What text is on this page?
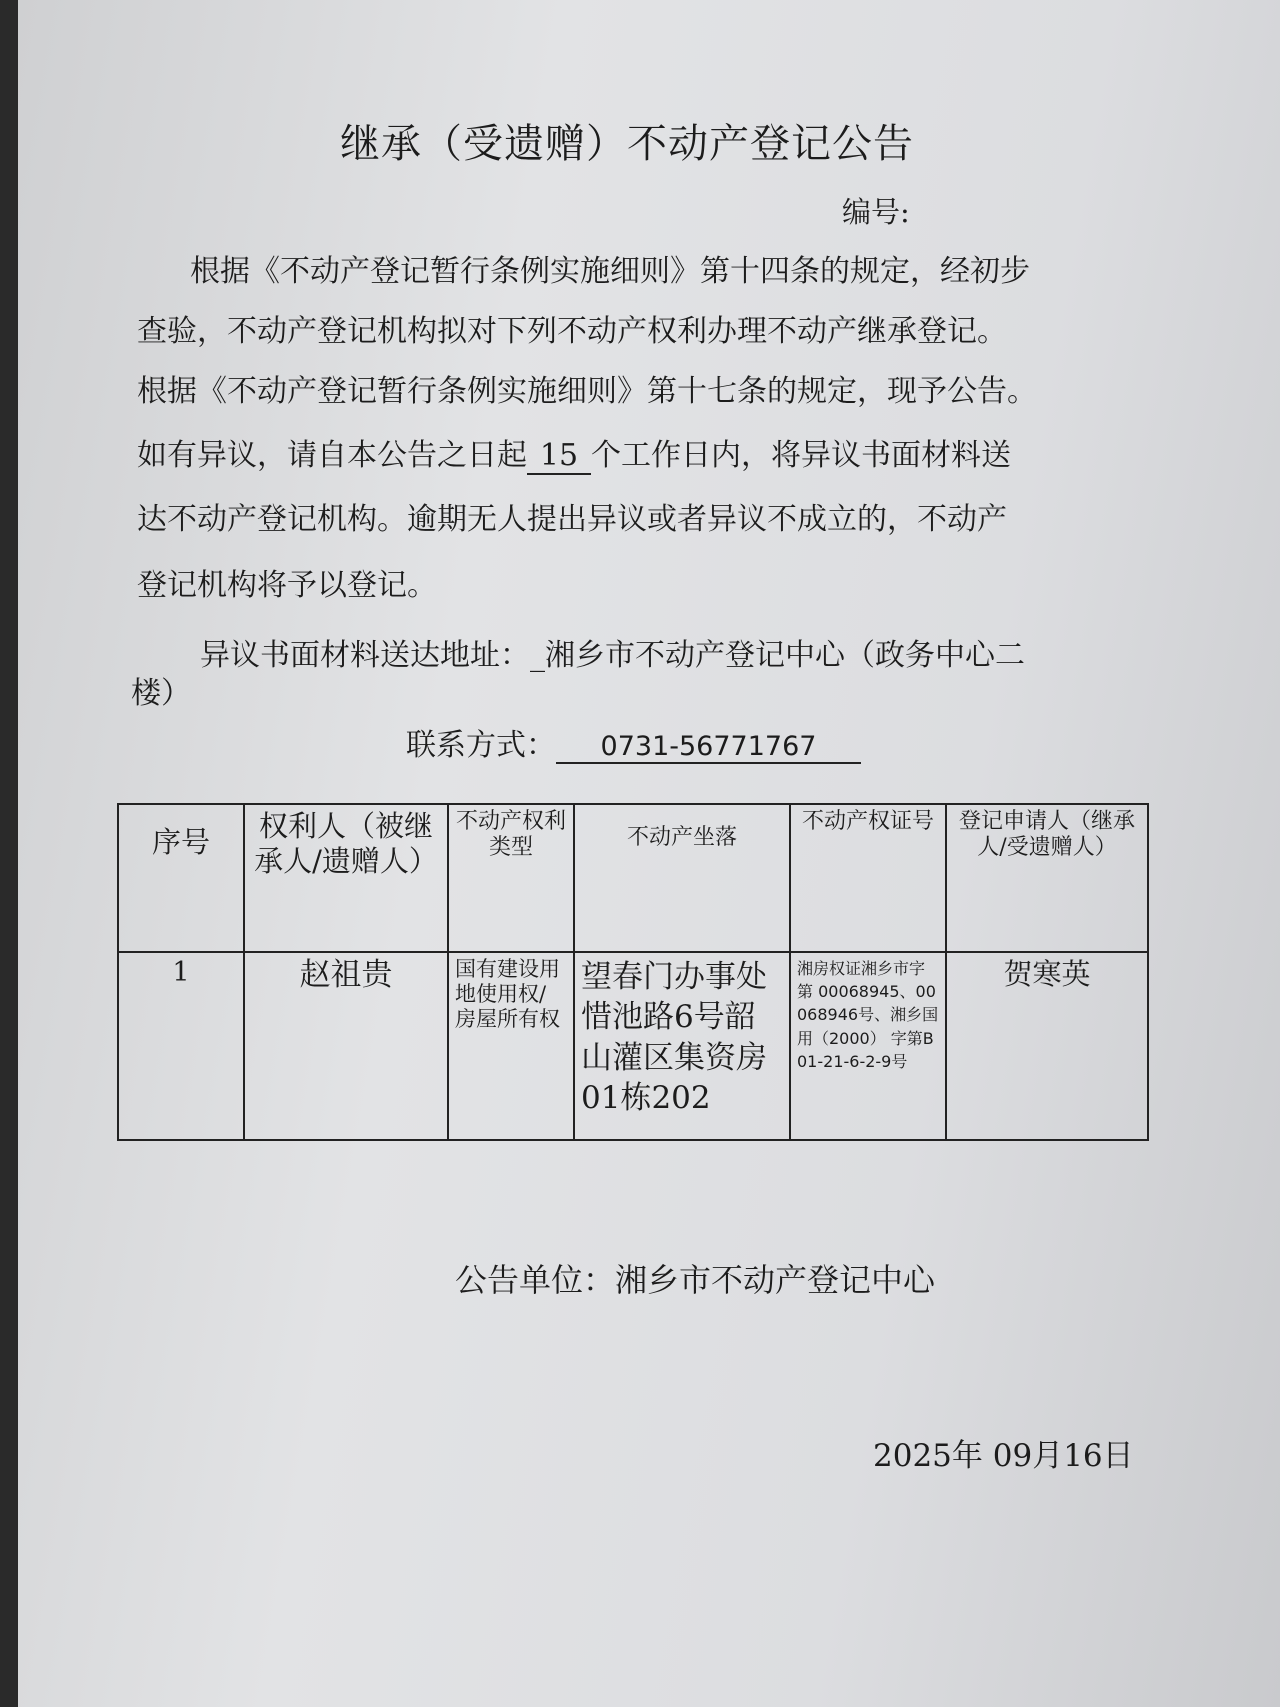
继承（受遗赠）不动产登记公告
编号:
根据《不动产登记暂行条例实施细则》第十四条的规定，经初步
查验，不动产登记机构拟对下列不动产权利办理不动产继承登记。
根据《不动产登记暂行条例实施细则》第十七条的规定，现予公告。
如有异议，请自本公告之日起 15 个工作日内，将异议书面材料送
达不动产登记机构。逾期无人提出异议或者异议不成立的，不动产
登记机构将予以登记。
异议书面材料送达地址：_湘乡市不动产登记中心（政务中心二
楼）
联系方式： 0731-56771767
序号	权利人（被继承人/遗赠人）	不动产权利类型	不动产坐落	不动产权证号	登记申请人（继承人/受遗赠人）
1	赵祖贵	国有建设用地使用权/房屋所有权	望春门办事处惜池路6号韶山灌区集资房01栋202	湘房权证湘乡市字第 00068945、00068946号、湘乡国用（2000） 字第B01-21-6-2-9号	贺寒英
公告单位：湘乡市不动产登记中心
2025年 09月16日
